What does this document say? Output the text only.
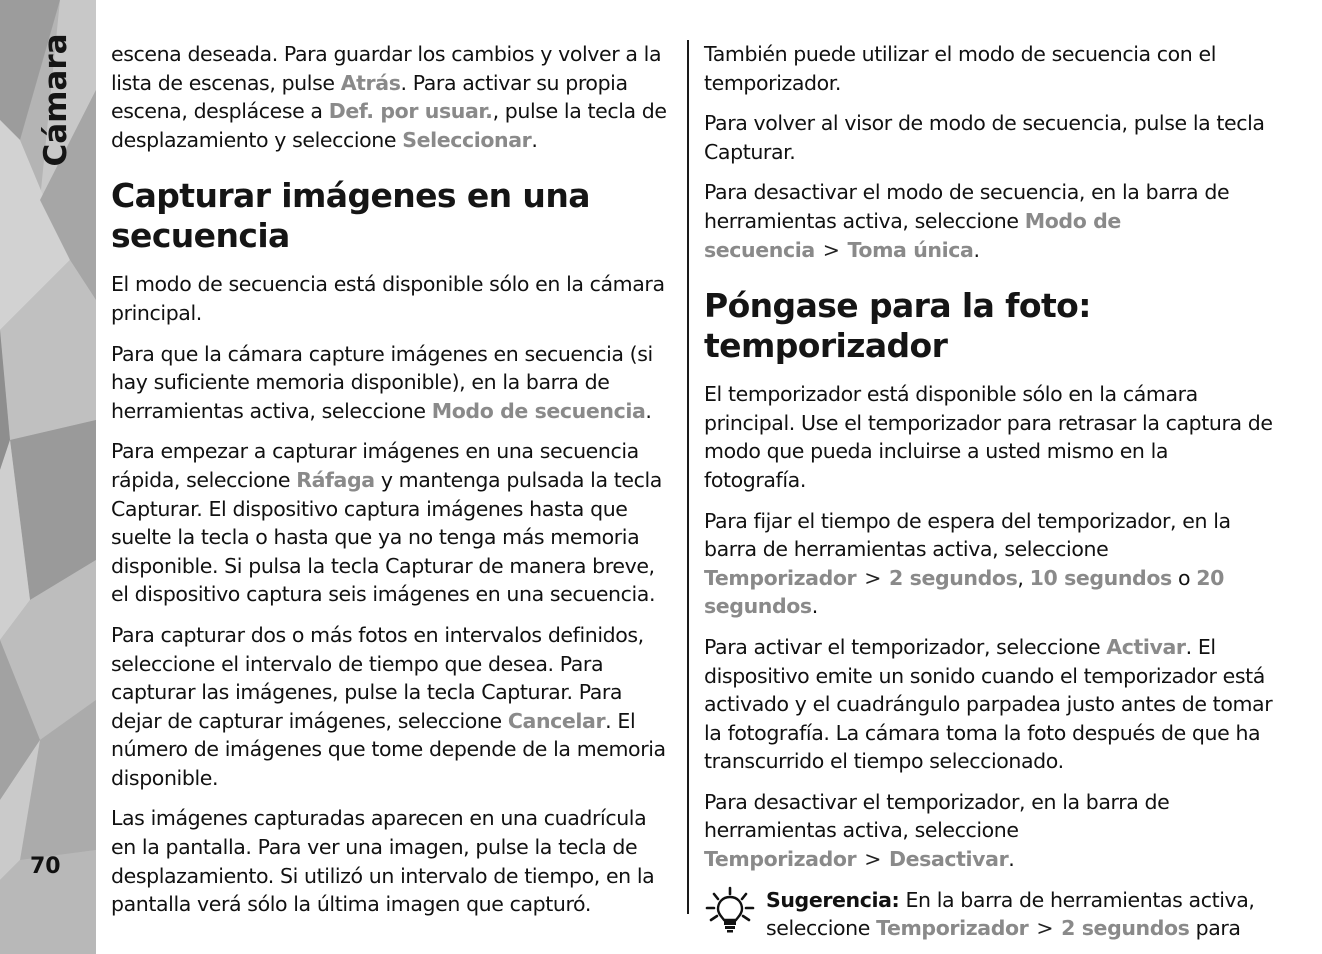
Cámara
70

escena deseada. Para guardar los cambios y volver a la lista de escenas, pulse Atrás. Para activar su propia escena, desplácese a Def. por usuar., pulse la tecla de desplazamiento y seleccione Seleccionar.

Capturar imágenes en una secuencia

El modo de secuencia está disponible sólo en la cámara principal.

Para que la cámara capture imágenes en secuencia (si hay suficiente memoria disponible), en la barra de herramientas activa, seleccione Modo de secuencia.

Para empezar a capturar imágenes en una secuencia rápida, seleccione Ráfaga y mantenga pulsada la tecla Capturar. El dispositivo captura imágenes hasta que suelte la tecla o hasta que ya no tenga más memoria disponible. Si pulsa la tecla Capturar de manera breve, el dispositivo captura seis imágenes en una secuencia.

Para capturar dos o más fotos en intervalos definidos, seleccione el intervalo de tiempo que desea. Para capturar las imágenes, pulse la tecla Capturar. Para dejar de capturar imágenes, seleccione Cancelar. El número de imágenes que tome depende de la memoria disponible.

Las imágenes capturadas aparecen en una cuadrícula en la pantalla. Para ver una imagen, pulse la tecla de desplazamiento. Si utilizó un intervalo de tiempo, en la pantalla verá sólo la última imagen que capturó.

También puede utilizar el modo de secuencia con el temporizador.

Para volver al visor de modo de secuencia, pulse la tecla Capturar.

Para desactivar el modo de secuencia, en la barra de herramientas activa, seleccione Modo de secuencia > Toma única.

Póngase para la foto: temporizador

El temporizador está disponible sólo en la cámara principal. Use el temporizador para retrasar la captura de modo que pueda incluirse a usted mismo en la fotografía.

Para fijar el tiempo de espera del temporizador, en la barra de herramientas activa, seleccione Temporizador > 2 segundos, 10 segundos o 20 segundos.

Para activar el temporizador, seleccione Activar. El dispositivo emite un sonido cuando el temporizador está activado y el cuadrángulo parpadea justo antes de tomar la fotografía. La cámara toma la foto después de que ha transcurrido el tiempo seleccionado.

Para desactivar el temporizador, en la barra de herramientas activa, seleccione Temporizador > Desactivar.

Sugerencia: En la barra de herramientas activa, seleccione Temporizador > 2 segundos para
